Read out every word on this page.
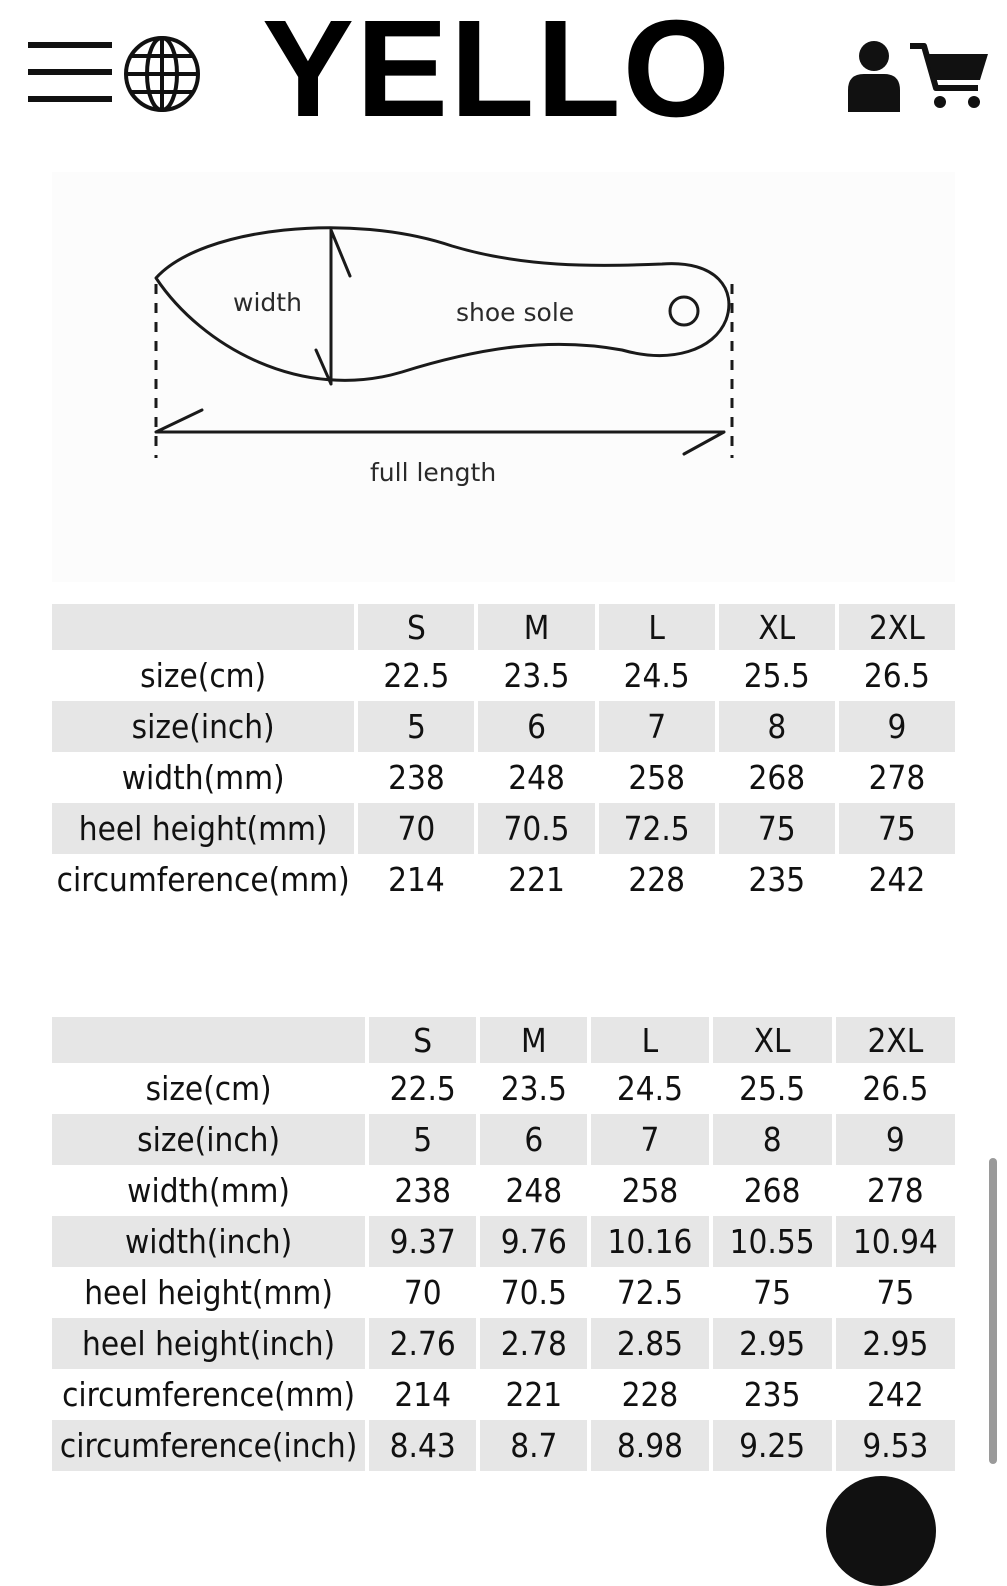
YELLO
width	shoe sole
full length
	S	M	L	XL	2XL
size(cm)	22.5	23.5	24.5	25.5	26.5
size(inch)	5	6	7	8	9
width(mm)	238	248	258	268	278
heel height(mm)	70	70.5	72.5	75	75
circumference(mm)	214	221	228	235	242
	S	M	L	XL	2XL
size(cm)	22.5	23.5	24.5	25.5	26.5
size(inch)	5	6	7	8	9
width(mm)	238	248	258	268	278
width(inch)	9.37	9.76	10.16	10.55	10.94
heel height(mm)	70	70.5	72.5	75	75
heel height(inch)	2.76	2.78	2.85	2.95	2.95
circumference(mm)	214	221	228	235	242
circumference(inch)	8.43	8.7	8.98	9.25	9.53
